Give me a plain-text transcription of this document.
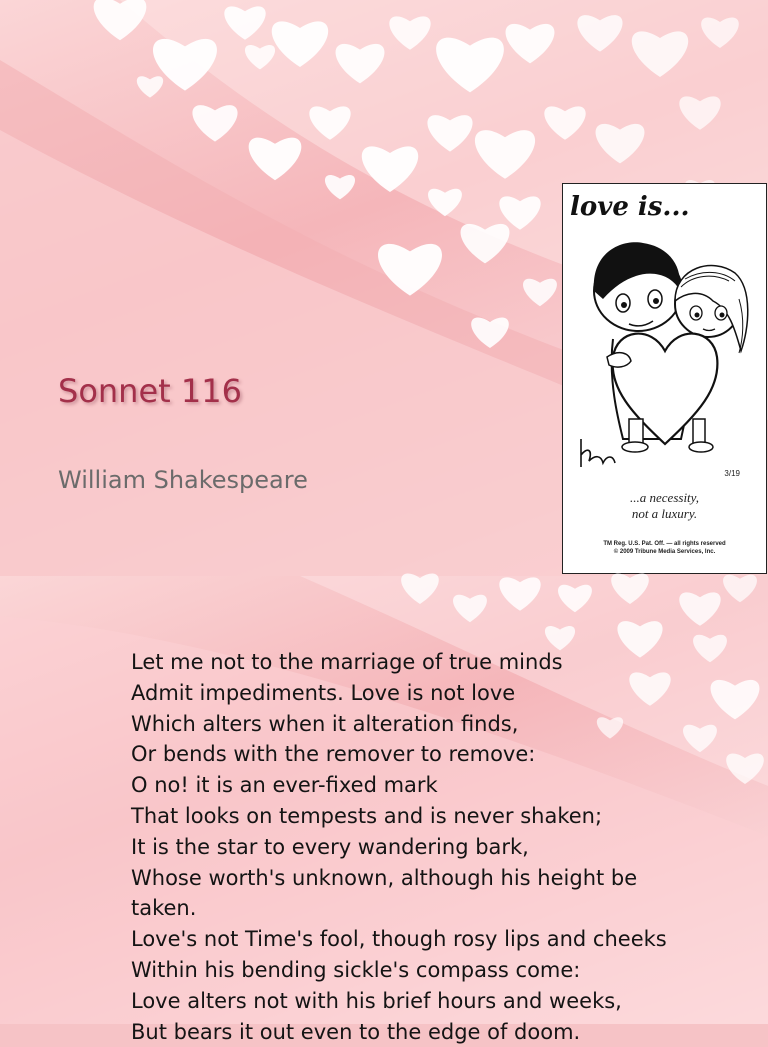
Sonnet 116

William Shakespeare

love is...
3/19
...a necessity,
not a luxury.
TM Reg. U.S. Pat. Off. — all rights reserved
© 2009 Tribune Media Services, Inc.
Let me not to the marriage of true minds
Admit impediments. Love is not love
Which alters when it alteration finds,
Or bends with the remover to remove:
O no! it is an ever-fixed mark
That looks on tempests and is never shaken;
It is the star to every wandering bark,
Whose worth's unknown, although his height be
taken.
Love's not Time's fool, though rosy lips and cheeks
Within his bending sickle's compass come:
Love alters not with his brief hours and weeks,
But bears it out even to the edge of doom.
